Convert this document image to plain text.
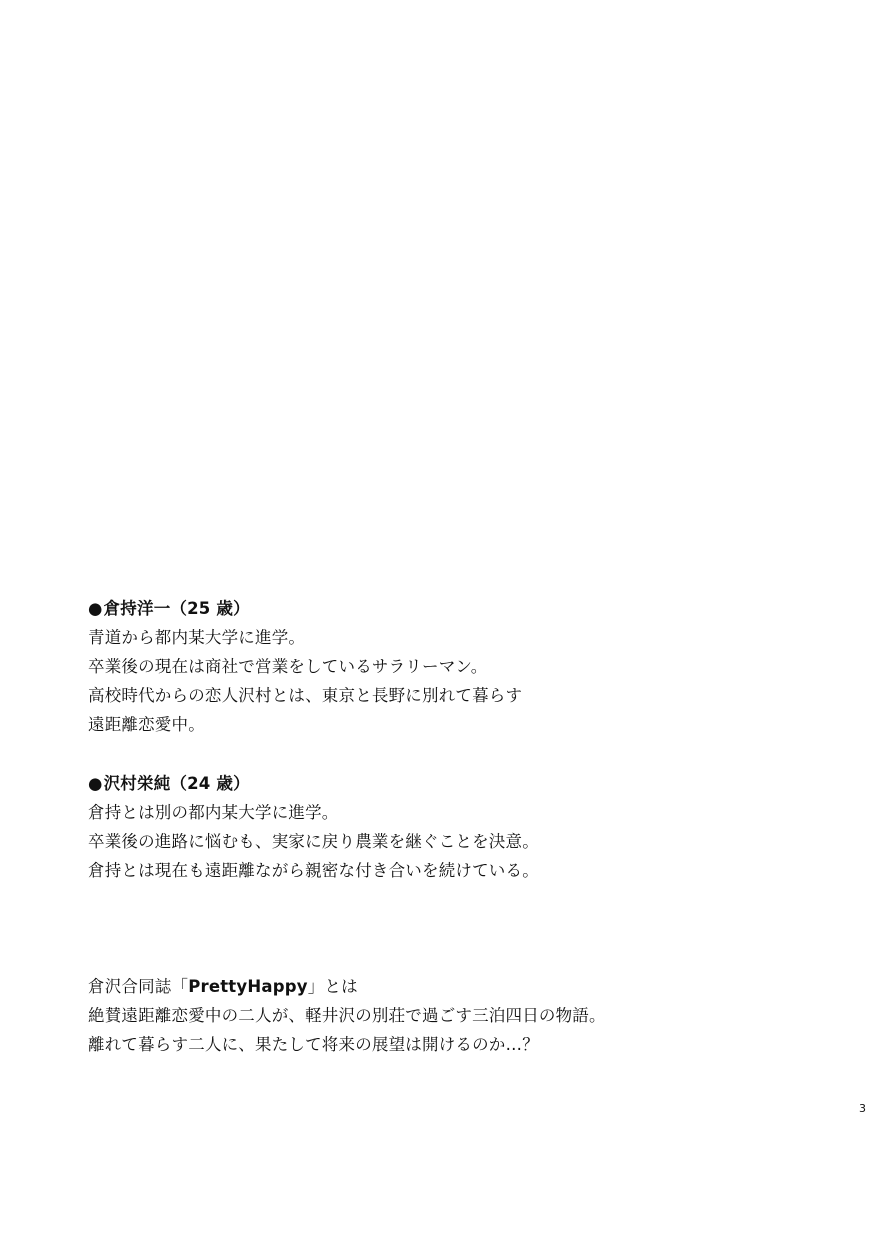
●倉持洋一（25 歳）
青道から都内某大学に進学。
卒業後の現在は商社で営業をしているサラリーマン。
高校時代からの恋人沢村とは、東京と長野に別れて暮らす
遠距離恋愛中。
●沢村栄純（24 歳）
倉持とは別の都内某大学に進学。
卒業後の進路に悩むも、実家に戻り農業を継ぐことを決意。
倉持とは現在も遠距離ながら親密な付き合いを続けている。
倉沢合同誌「PrettyHappy」とは
絶賛遠距離恋愛中の二人が、軽井沢の別荘で過ごす三泊四日の物語。
離れて暮らす二人に、果たして将来の展望は開けるのか…？
3
